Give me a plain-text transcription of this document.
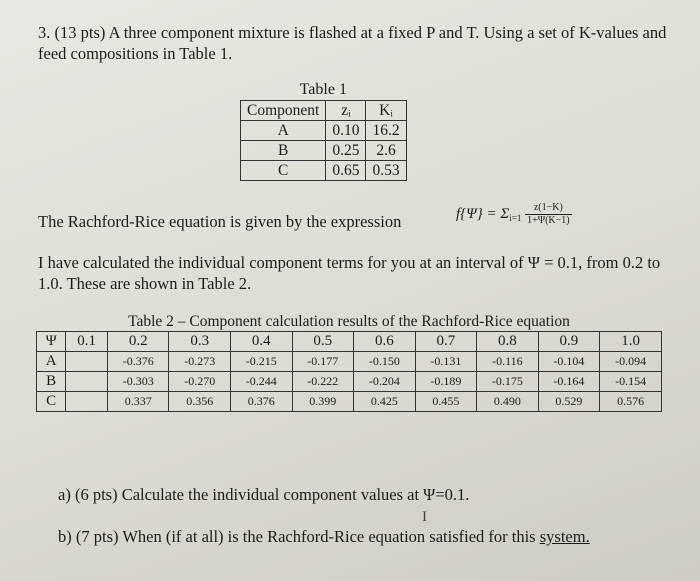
3. (13 pts) A three component mixture is flashed at a fixed P and T. Using a set of K-values and feed compositions in Table 1.
Table 1		
Component	zᵢ	Kᵢ
A	0.10	16.2
B	0.25	2.6
C	0.65	0.53
The Rachford-Rice equation is given by the expression	$f\{\Psi\} = \Sigma_{i=1} \frac{z(1-K)}{1+\Psi(K-1)}$
I have calculated the individual component terms for you at an interval of Ψ = 0.1, from 0.2 to 1.0. These are shown in Table 2.
Table 2 – Component calculation results of the Rachford-Rice equation										
Ψ	0.1	0.2	0.3	0.4	0.5	0.6	0.7	0.8	0.9	1.0
A		-0.376	-0.273	-0.215	-0.177	-0.150	-0.131	-0.116	-0.104	-0.094
B		-0.303	-0.270	-0.244	-0.222	-0.204	-0.189	-0.175	-0.164	-0.154
C		0.337	0.356	0.376	0.399	0.425	0.455	0.490	0.529	0.576
a) (6 pts) Calculate the individual component values at Ψ=0.1.
I
b) (7 pts) When (if at all) is the Rachford-Rice equation satisfied for this system.
